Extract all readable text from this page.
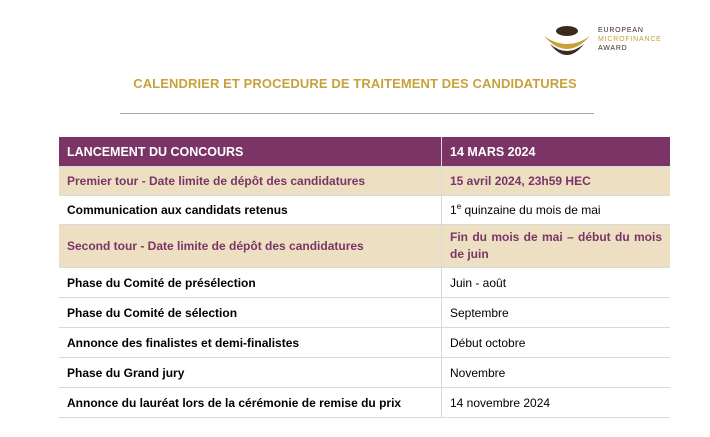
EUROPEAN
MICROFINANCE
AWARD
CALENDRIER ET PROCEDURE DE TRAITEMENT DES CANDIDATURES
LANCEMENT DU CONCOURS	14 MARS 2024
Premier tour - Date limite de dépôt des candidatures	15 avril 2024, 23h59 HEC
Communication aux candidats retenus	1e quinzaine du mois de mai
Second tour - Date limite de dépôt des candidatures	Fin du mois de mai – début du mois de juin
Phase du Comité de présélection	Juin - août
Phase du Comité de sélection	Septembre
Annonce des finalistes et demi-finalistes	Début octobre
Phase du Grand jury	Novembre
Annonce du lauréat lors de la cérémonie de remise du prix	14 novembre 2024
